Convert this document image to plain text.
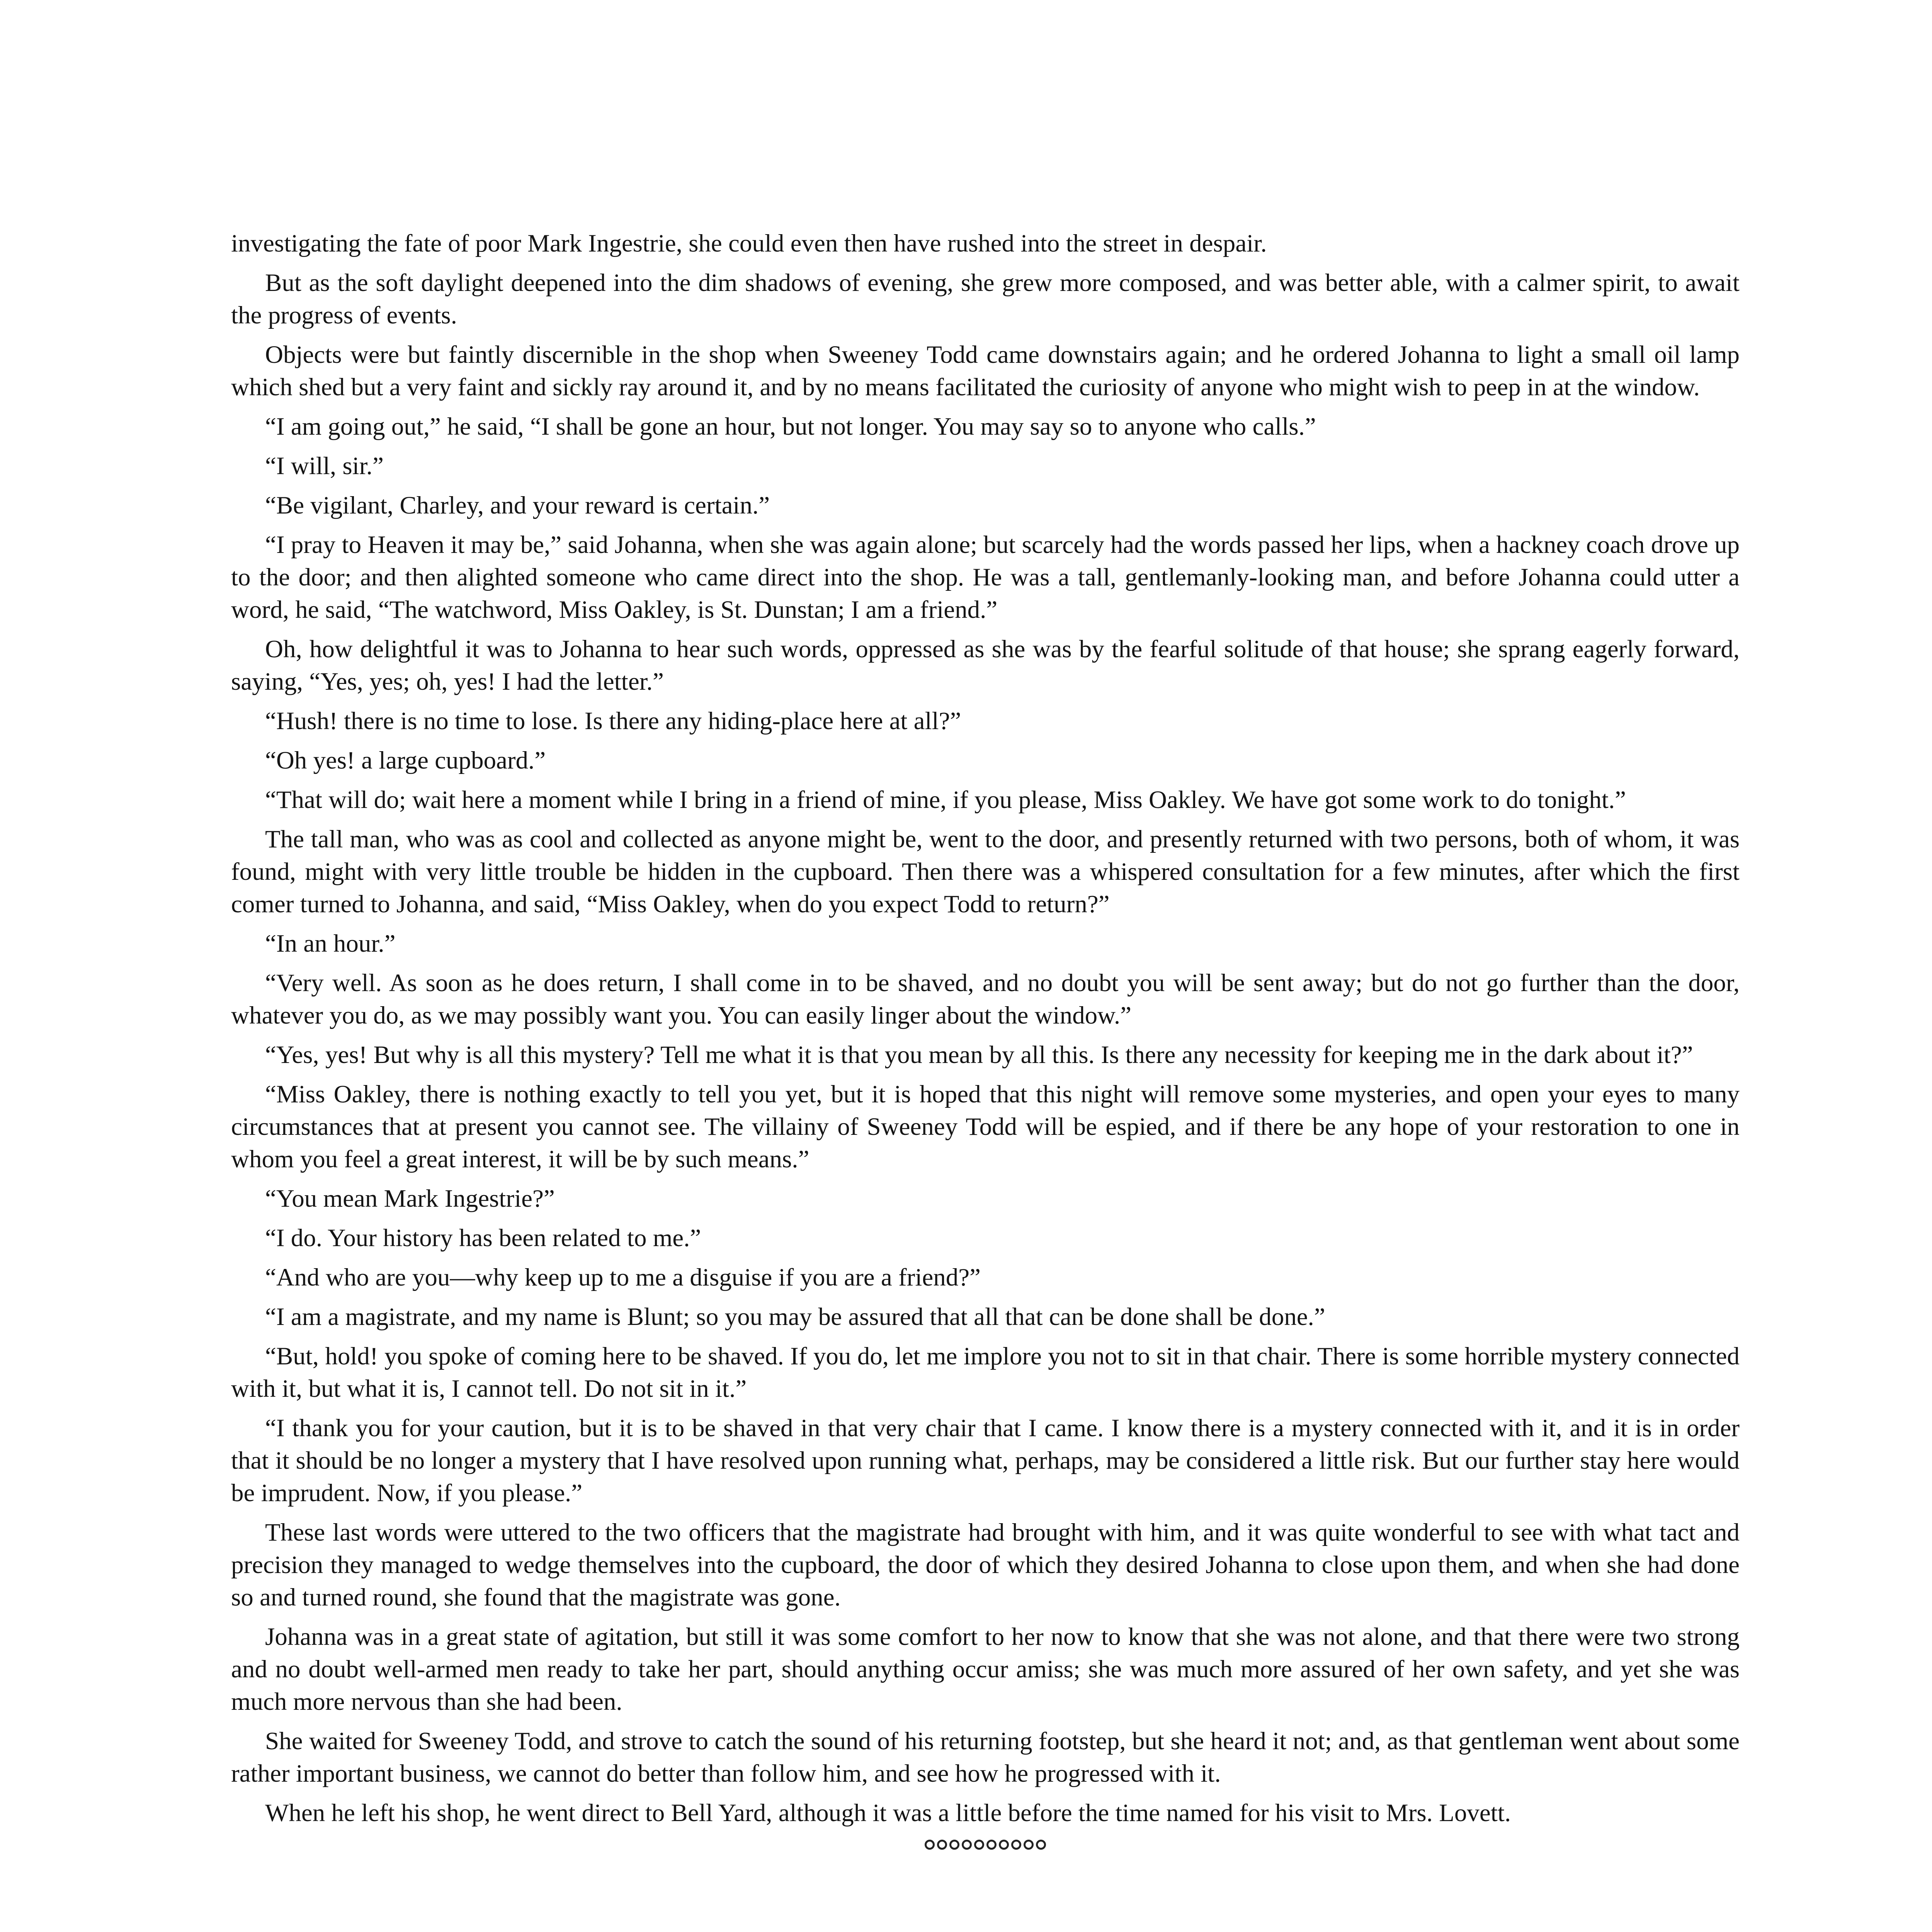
investigating the fate of poor Mark Ingestrie, she could even then have rushed into the street in despair.

But as the soft daylight deepened into the dim shadows of evening, she grew more composed, and was better able, with a calmer spirit, to await the progress of events.

Objects were but faintly discernible in the shop when Sweeney Todd came downstairs again; and he ordered Johanna to light a small oil lamp which shed but a very faint and sickly ray around it, and by no means facilitated the curiosity of anyone who might wish to peep in at the window.

“I am going out,” he said, “I shall be gone an hour, but not longer. You may say so to anyone who calls.”

“I will, sir.”

“Be vigilant, Charley, and your reward is certain.”

“I pray to Heaven it may be,” said Johanna, when she was again alone; but scarcely had the words passed her lips, when a hackney coach drove up to the door; and then alighted someone who came direct into the shop. He was a tall, gentlemanly-looking man, and before Johanna could utter a word, he said, “The watchword, Miss Oakley, is St. Dunstan; I am a friend.”

Oh, how delightful it was to Johanna to hear such words, oppressed as she was by the fearful solitude of that house; she sprang eagerly forward, saying, “Yes, yes; oh, yes! I had the letter.”

“Hush! there is no time to lose. Is there any hiding-place here at all?”

“Oh yes! a large cupboard.”

“That will do; wait here a moment while I bring in a friend of mine, if you please, Miss Oakley. We have got some work to do tonight.”

The tall man, who was as cool and collected as anyone might be, went to the door, and presently returned with two persons, both of whom, it was found, might with very little trouble be hidden in the cupboard. Then there was a whispered consultation for a few minutes, after which the first comer turned to Johanna, and said, “Miss Oakley, when do you expect Todd to return?”

“In an hour.”

“Very well. As soon as he does return, I shall come in to be shaved, and no doubt you will be sent away; but do not go further than the door, whatever you do, as we may possibly want you. You can easily linger about the window.”

“Yes, yes! But why is all this mystery? Tell me what it is that you mean by all this. Is there any necessity for keeping me in the dark about it?”

“Miss Oakley, there is nothing exactly to tell you yet, but it is hoped that this night will remove some mysteries, and open your eyes to many circumstances that at present you cannot see. The villainy of Sweeney Todd will be espied, and if there be any hope of your restoration to one in whom you feel a great interest, it will be by such means.”

“You mean Mark Ingestrie?”

“I do. Your history has been related to me.”

“And who are you—why keep up to me a disguise if you are a friend?”

“I am a magistrate, and my name is Blunt; so you may be assured that all that can be done shall be done.”

“But, hold! you spoke of coming here to be shaved. If you do, let me implore you not to sit in that chair. There is some horrible mystery connected with it, but what it is, I cannot tell. Do not sit in it.”

“I thank you for your caution, but it is to be shaved in that very chair that I came. I know there is a mystery connected with it, and it is in order that it should be no longer a mystery that I have resolved upon running what, perhaps, may be considered a little risk. But our further stay here would be imprudent. Now, if you please.”

These last words were uttered to the two officers that the magistrate had brought with him, and it was quite wonderful to see with what tact and precision they managed to wedge themselves into the cupboard, the door of which they desired Johanna to close upon them, and when she had done so and turned round, she found that the magistrate was gone.

Johanna was in a great state of agitation, but still it was some comfort to her now to know that she was not alone, and that there were two strong and no doubt well-armed men ready to take her part, should anything occur amiss; she was much more assured of her own safety, and yet she was much more nervous than she had been.

She waited for Sweeney Todd, and strove to catch the sound of his returning footstep, but she heard it not; and, as that gentleman went about some rather important business, we cannot do better than follow him, and see how he progressed with it.

When he left his shop, he went direct to Bell Yard, although it was a little before the time named for his visit to Mrs. Lovett.
